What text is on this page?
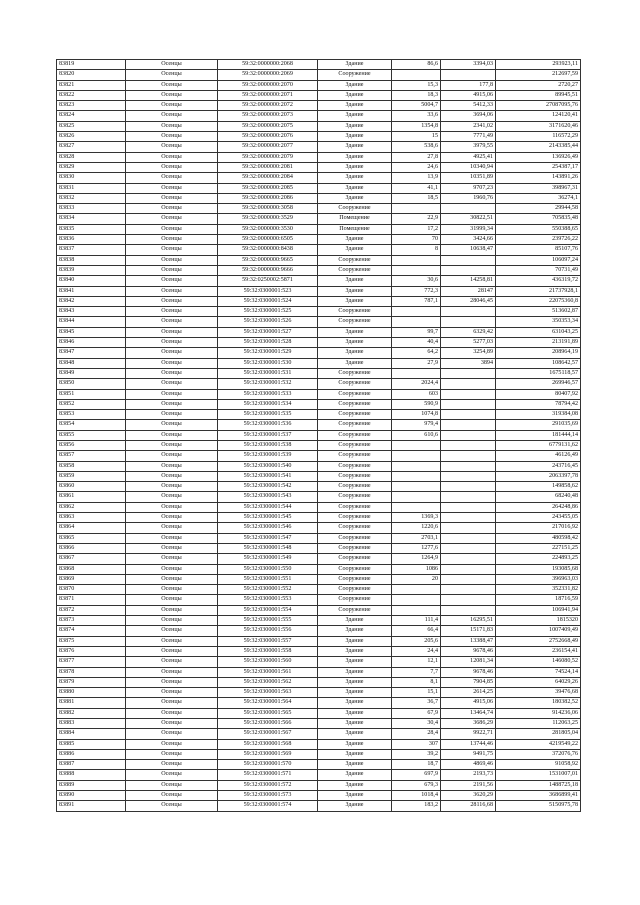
83819	Осенцы	59:32:0000000:2068	Здание	86,6	3394,03	293923,11
83820	Осенцы	59:32:0000000:2069	Сооружение			212697,59
83821	Осенцы	59:32:0000000:2070	Здание	15,3	177,8	2720,27
83822	Осенцы	59:32:0000000:2071	Здание	18,3	4915,06	89945,51
83823	Осенцы	59:32:0000000:2072	Здание	5004,7	5412,33	27087095,76
83824	Осенцы	59:32:0000000:2073	Здание	33,6	3694,06	124120,41
83825	Осенцы	59:32:0000000:2075	Здание	1354,8	2341,02	3171620,46
83826	Осенцы	59:32:0000000:2076	Здание	15	7771,49	116572,29
83827	Осенцы	59:32:0000000:2077	Здание	538,6	3979,55	2143385,44
83828	Осенцы	59:32:0000000:2079	Здание	27,8	4925,41	136926,49
83829	Осенцы	59:32:0000000:2081	Здание	24,6	10340,94	254387,17
83830	Осенцы	59:32:0000000:2084	Здание	13,9	10351,89	143891,26
83831	Осенцы	59:32:0000000:2085	Здание	41,1	9707,23	398967,31
83832	Осенцы	59:32:0000000:2086	Здание	18,5	1960,76	36274,1
83833	Осенцы	59:32:0000000:3058	Сооружение			29944,58
83834	Осенцы	59:32:0000000:3529	Помещение	22,9	30822,51	705835,48
83835	Осенцы	59:32:0000000:3530	Помещение	17,2	31999,34	550388,65
83836	Осенцы	59:32:0000000:6505	Здание	70	3424,66	239726,22
83837	Осенцы	59:32:0000000:8438	Здание	8	10638,47	85107,76
83838	Осенцы	59:32:0000000:9665	Сооружение			106097,24
83839	Осенцы	59:32:0000000:9666	Сооружение			70731,49
83840	Осенцы	59:32:0250002:5871	Здание	30,6	14258,81	436319,72
83841	Осенцы	59:32:0300001:523	Здание	772,3	28147	21737928,1
83842	Осенцы	59:32:0300001:524	Здание	787,1	28046,45	22075360,8
83843	Осенцы	59:32:0300001:525	Сооружение			513602,87
83844	Осенцы	59:32:0300001:526	Сооружение			350353,34
83845	Осенцы	59:32:0300001:527	Здание	99,7	6329,42	631043,25
83846	Осенцы	59:32:0300001:528	Здание	40,4	5277,03	213191,89
83847	Осенцы	59:32:0300001:529	Здание	64,2	3254,89	208964,19
83848	Осенцы	59:32:0300001:530	Здание	27,9	3894	108642,57
83849	Осенцы	59:32:0300001:531	Сооружение			1675118,57
83850	Осенцы	59:32:0300001:532	Сооружение	2024,4		269946,57
83851	Осенцы	59:32:0300001:533	Сооружение	603		80407,92
83852	Осенцы	59:32:0300001:534	Сооружение	590,9		78794,42
83853	Осенцы	59:32:0300001:535	Сооружение	1074,8		319384,08
83854	Осенцы	59:32:0300001:536	Сооружение	979,4		291035,69
83855	Осенцы	59:32:0300001:537	Сооружение	610,6		181444,14
83856	Осенцы	59:32:0300001:538	Сооружение			6779131,62
83857	Осенцы	59:32:0300001:539	Сооружение			46126,49
83858	Осенцы	59:32:0300001:540	Сооружение			243716,45
83859	Осенцы	59:32:0300001:541	Сооружение			2063397,78
83860	Осенцы	59:32:0300001:542	Сооружение			149858,62
83861	Осенцы	59:32:0300001:543	Сооружение			68240,48
83862	Осенцы	59:32:0300001:544	Сооружение			264248,86
83863	Осенцы	59:32:0300001:545	Сооружение	1369,3		243455,05
83864	Осенцы	59:32:0300001:546	Сооружение	1220,6		217016,92
83865	Осенцы	59:32:0300001:547	Сооружение	2703,1		480598,42
83866	Осенцы	59:32:0300001:548	Сооружение	1277,6		227151,25
83867	Осенцы	59:32:0300001:549	Сооружение	1264,9		224893,25
83868	Осенцы	59:32:0300001:550	Сооружение	1086		193085,68
83869	Осенцы	59:32:0300001:551	Сооружение	20		396963,03
83870	Осенцы	59:32:0300001:552	Сооружение			352331,82
83871	Осенцы	59:32:0300001:553	Сооружение			18716,59
83872	Осенцы	59:32:0300001:554	Сооружение			106941,94
83873	Осенцы	59:32:0300001:555	Здание	111,4	16295,51	1815320
83874	Осенцы	59:32:0300001:556	Здание	66,4	15171,83	1007409,49
83875	Осенцы	59:32:0300001:557	Здание	205,6	13388,47	2752668,49
83876	Осенцы	59:32:0300001:558	Здание	24,4	9678,46	236154,41
83877	Осенцы	59:32:0300001:560	Здание	12,1	12081,34	146080,52
83878	Осенцы	59:32:0300001:561	Здание	7,7	9678,46	74524,14
83879	Осенцы	59:32:0300001:562	Здание	8,1	7904,85	64029,26
83880	Осенцы	59:32:0300001:563	Здание	15,1	2614,25	39476,68
83881	Осенцы	59:32:0300001:564	Здание	36,7	4915,06	180382,52
83882	Осенцы	59:32:0300001:565	Здание	67,9	13464,74	914236,06
83883	Осенцы	59:32:0300001:566	Здание	30,4	3686,29	112063,25
83884	Осенцы	59:32:0300001:567	Здание	28,4	9922,71	281805,04
83885	Осенцы	59:32:0300001:568	Здание	307	13744,46	4219549,22
83886	Осенцы	59:32:0300001:569	Здание	39,2	9491,75	372076,76
83887	Осенцы	59:32:0300001:570	Здание	18,7	4869,46	91058,92
83888	Осенцы	59:32:0300001:571	Здание	697,9	2193,73	1531007,01
83889	Осенцы	59:32:0300001:572	Здание	679,3	2191,56	1488725,18
83890	Осенцы	59:32:0300001:573	Здание	1018,4	3620,29	3686899,41
83891	Осенцы	59:32:0300001:574	Здание	183,2	28116,68	5150975,78
